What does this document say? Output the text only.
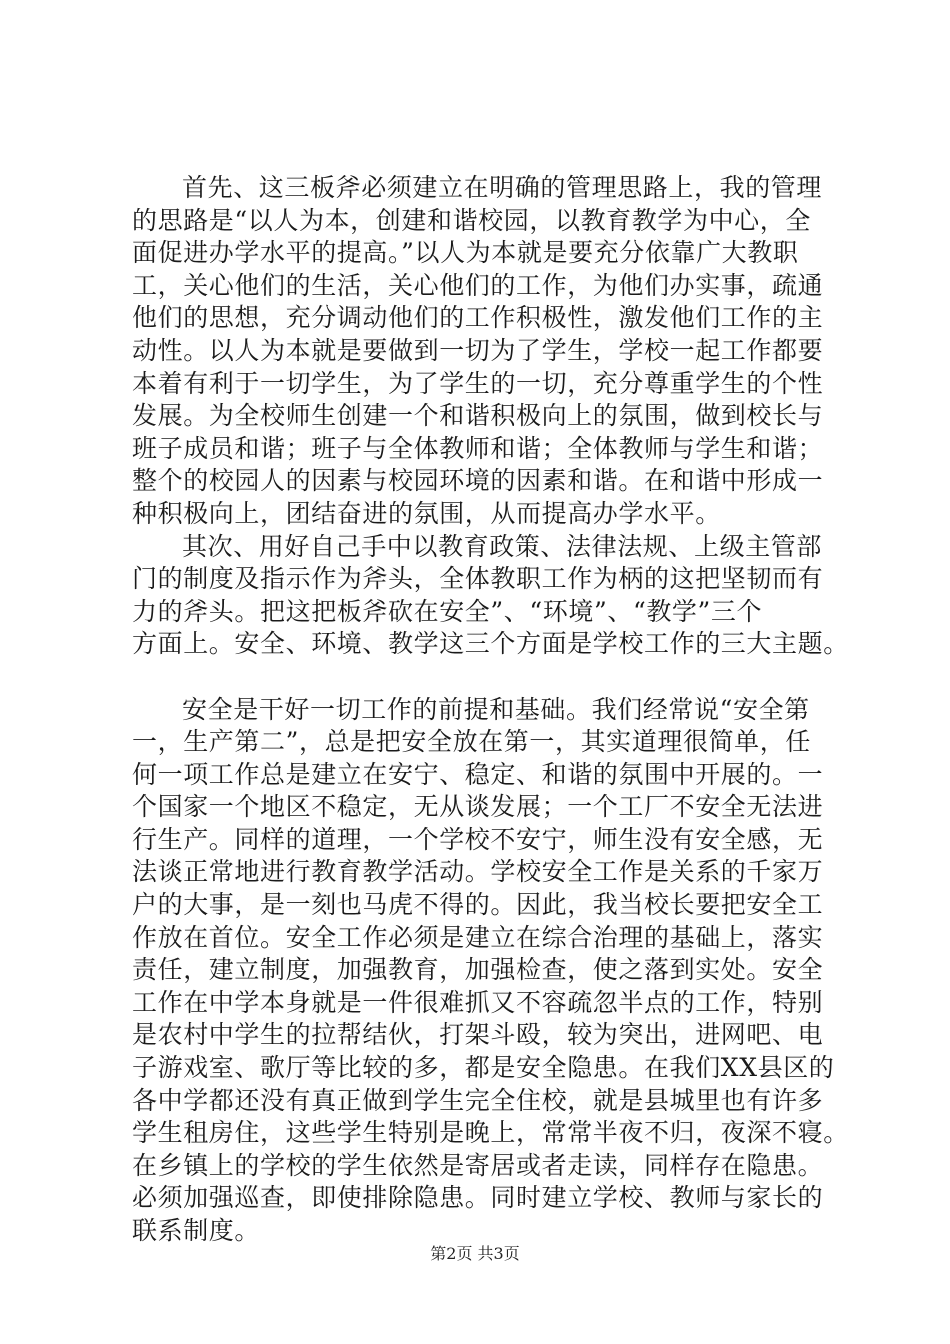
首先、这三板斧必须建立在明确的管理思路上，我的管理
的思路是“以人为本，创建和谐校园，以教育教学为中心，全
面促进办学水平的提高。”以人为本就是要充分依靠广大教职
工，关心他们的生活，关心他们的工作，为他们办实事，疏通
他们的思想，充分调动他们的工作积极性，激发他们工作的主
动性。以人为本就是要做到一切为了学生，学校一起工作都要
本着有利于一切学生，为了学生的一切，充分尊重学生的个性
发展。为全校师生创建一个和谐积极向上的氛围，做到校长与
班子成员和谐；班子与全体教师和谐；全体教师与学生和谐；
整个的校园人的因素与校园环境的因素和谐。在和谐中形成一
种积极向上，团结奋进的氛围，从而提高办学水平。
其次、用好自己手中以教育政策、法律法规、上级主管部
门的制度及指示作为斧头，全体教职工作为柄的这把坚韧而有
力的斧头。把这把板斧砍在安全”、“环境”、“教学”三个
方面上。安全、环境、教学这三个方面是学校工作的三大主题。
安全是干好一切工作的前提和基础。我们经常说“安全第
一，生产第二”，总是把安全放在第一，其实道理很简单，任
何一项工作总是建立在安宁、稳定、和谐的氛围中开展的。一
个国家一个地区不稳定，无从谈发展；一个工厂不安全无法进
行生产。同样的道理，一个学校不安宁，师生没有安全感，无
法谈正常地进行教育教学活动。学校安全工作是关系的千家万
户的大事，是一刻也马虎不得的。因此，我当校长要把安全工
作放在首位。安全工作必须是建立在综合治理的基础上，落实
责任，建立制度，加强教育，加强检查，使之落到实处。安全
工作在中学本身就是一件很难抓又不容疏忽半点的工作，特别
是农村中学生的拉帮结伙，打架斗殴，较为突出，进网吧、电
子游戏室、歌厅等比较的多，都是安全隐患。在我们XX县区的
各中学都还没有真正做到学生完全住校，就是县城里也有许多
学生租房住，这些学生特别是晚上，常常半夜不归，夜深不寝。
在乡镇上的学校的学生依然是寄居或者走读，同样存在隐患。
必须加强巡查，即使排除隐患。同时建立学校、教师与家长的
联系制度。
第2页 共3页
